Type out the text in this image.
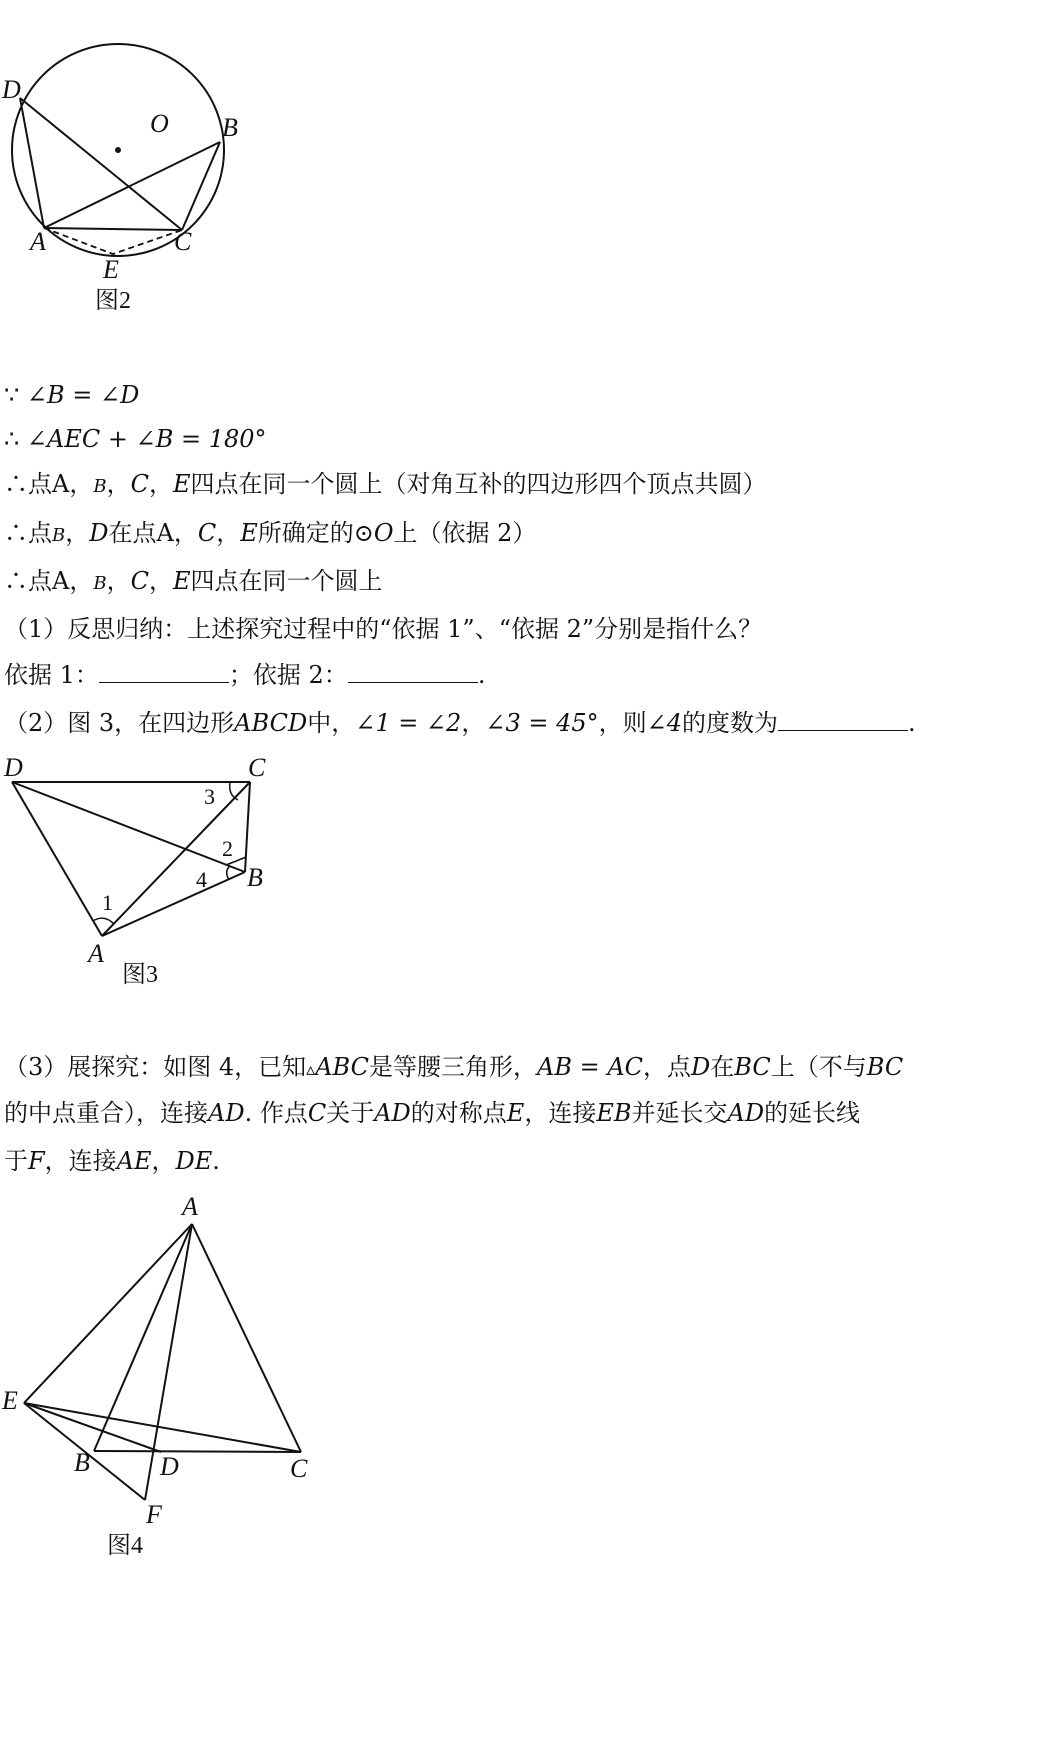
D
O B
A	C
E
图2
∵ ∠B = ∠D
∴ ∠AEC + ∠B = 180°
∴点A，B，C，E四点在同一个圆上（对角互补的四边形四个顶点共圆）
∴点B，D在点A，C，E所确定的⊙O上（依据 2）
∴点A，B，C，E四点在同一个圆上
（1）反思归纳：上述探究过程中的“依据 1”、“依据 2”分别是指什么？
依据 1：	；依据 2：	.
（2）图 3，在四边形ABCD中，∠1 = ∠2，∠3 = 45°，则∠4的度数为	.
D	C
B
A
1
2
3
4
图3
（3）展探究：如图 4，已知▵ABC是等腰三角形，AB = AC，点D在BC上（不与BC
的中点重合），连接AD. 作点C关于AD的对称点E，连接EB并延长交AD的延长线
于F，连接AE，DE.
A
E
B	D	C
F
图4
